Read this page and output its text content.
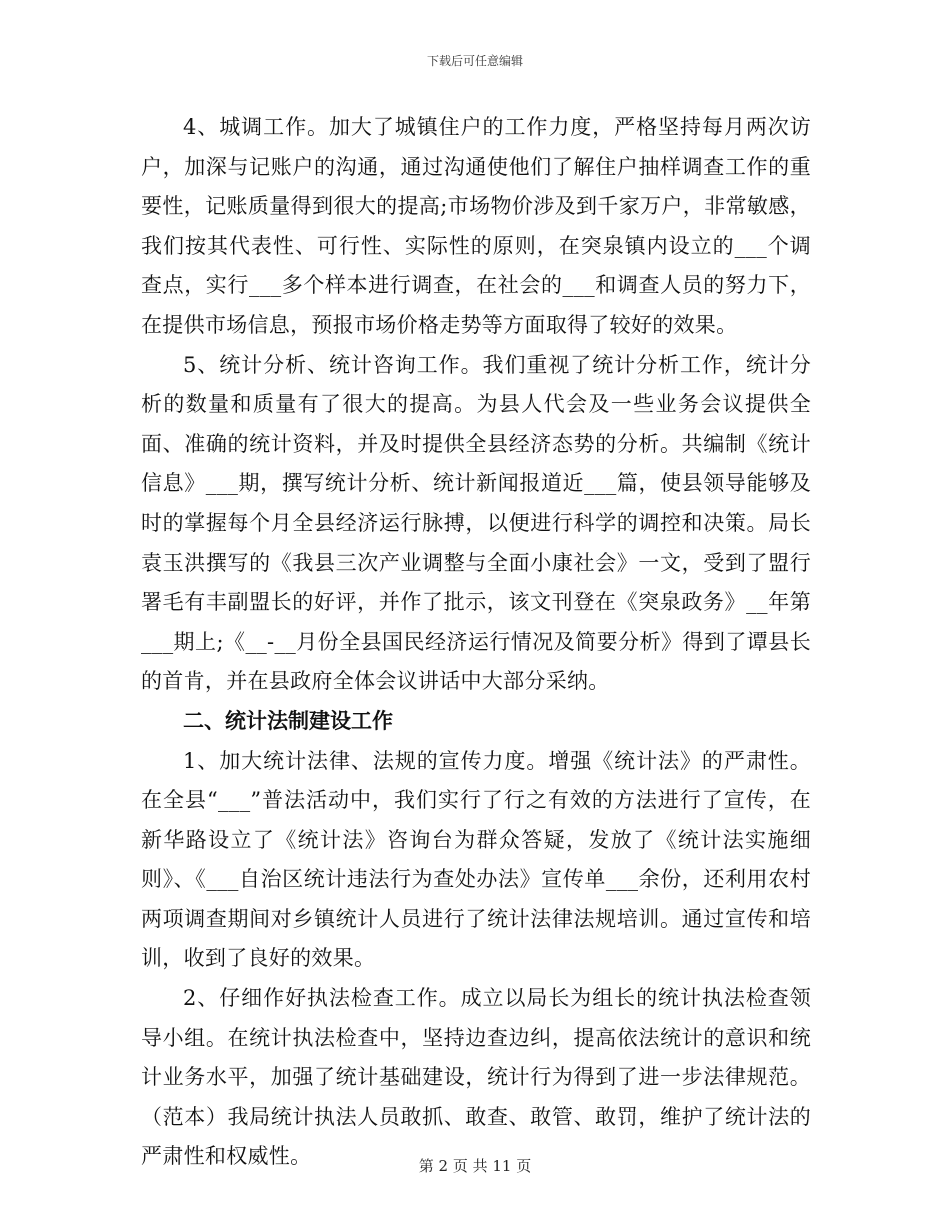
下载后可任意编辑

4、城调工作。加大了城镇住户的工作力度，严格坚持每月两次访户，加深与记账户的沟通，通过沟通使他们了解住户抽样调查工作的重要性，记账质量得到很大的提高;市场物价涉及到千家万户，非常敏感，我们按其代表性、可行性、实际性的原则，在突泉镇内设立的___个调查点，实行___多个样本进行调查，在社会的___和调查人员的努力下，在提供市场信息，预报市场价格走势等方面取得了较好的效果。

5、统计分析、统计咨询工作。我们重视了统计分析工作，统计分析的数量和质量有了很大的提高。为县人代会及一些业务会议提供全面、准确的统计资料，并及时提供全县经济态势的分析。共编制《统计信息》___期，撰写统计分析、统计新闻报道近___篇，使县领导能够及时的掌握每个月全县经济运行脉搏，以便进行科学的调控和决策。局长袁玉洪撰写的《我县三次产业调整与全面小康社会》一文，受到了盟行署毛有丰副盟长的好评，并作了批示，该文刊登在《突泉政务》__年第___期上;《__-__月份全县国民经济运行情况及简要分析》得到了谭县长的首肯，并在县政府全体会议讲话中大部分采纳。

二、统计法制建设工作

1、加大统计法律、法规的宣传力度。增强《统计法》的严肃性。在全县“___”普法活动中，我们实行了行之有效的方法进行了宣传，在新华路设立了《统计法》咨询台为群众答疑，发放了《统计法实施细则》、《___自治区统计违法行为查处办法》宣传单___余份，还利用农村两项调查期间对乡镇统计人员进行了统计法律法规培训。通过宣传和培训，收到了良好的效果。

2、仔细作好执法检查工作。成立以局长为组长的统计执法检查领导小组。在统计执法检查中，坚持边查边纠，提高依法统计的意识和统计业务水平，加强了统计基础建设，统计行为得到了进一步法律规范。（范本）我局统计执法人员敢抓、敢查、敢管、敢罚，维护了统计法的严肃性和权威性。	第 2 页 共 11 页
